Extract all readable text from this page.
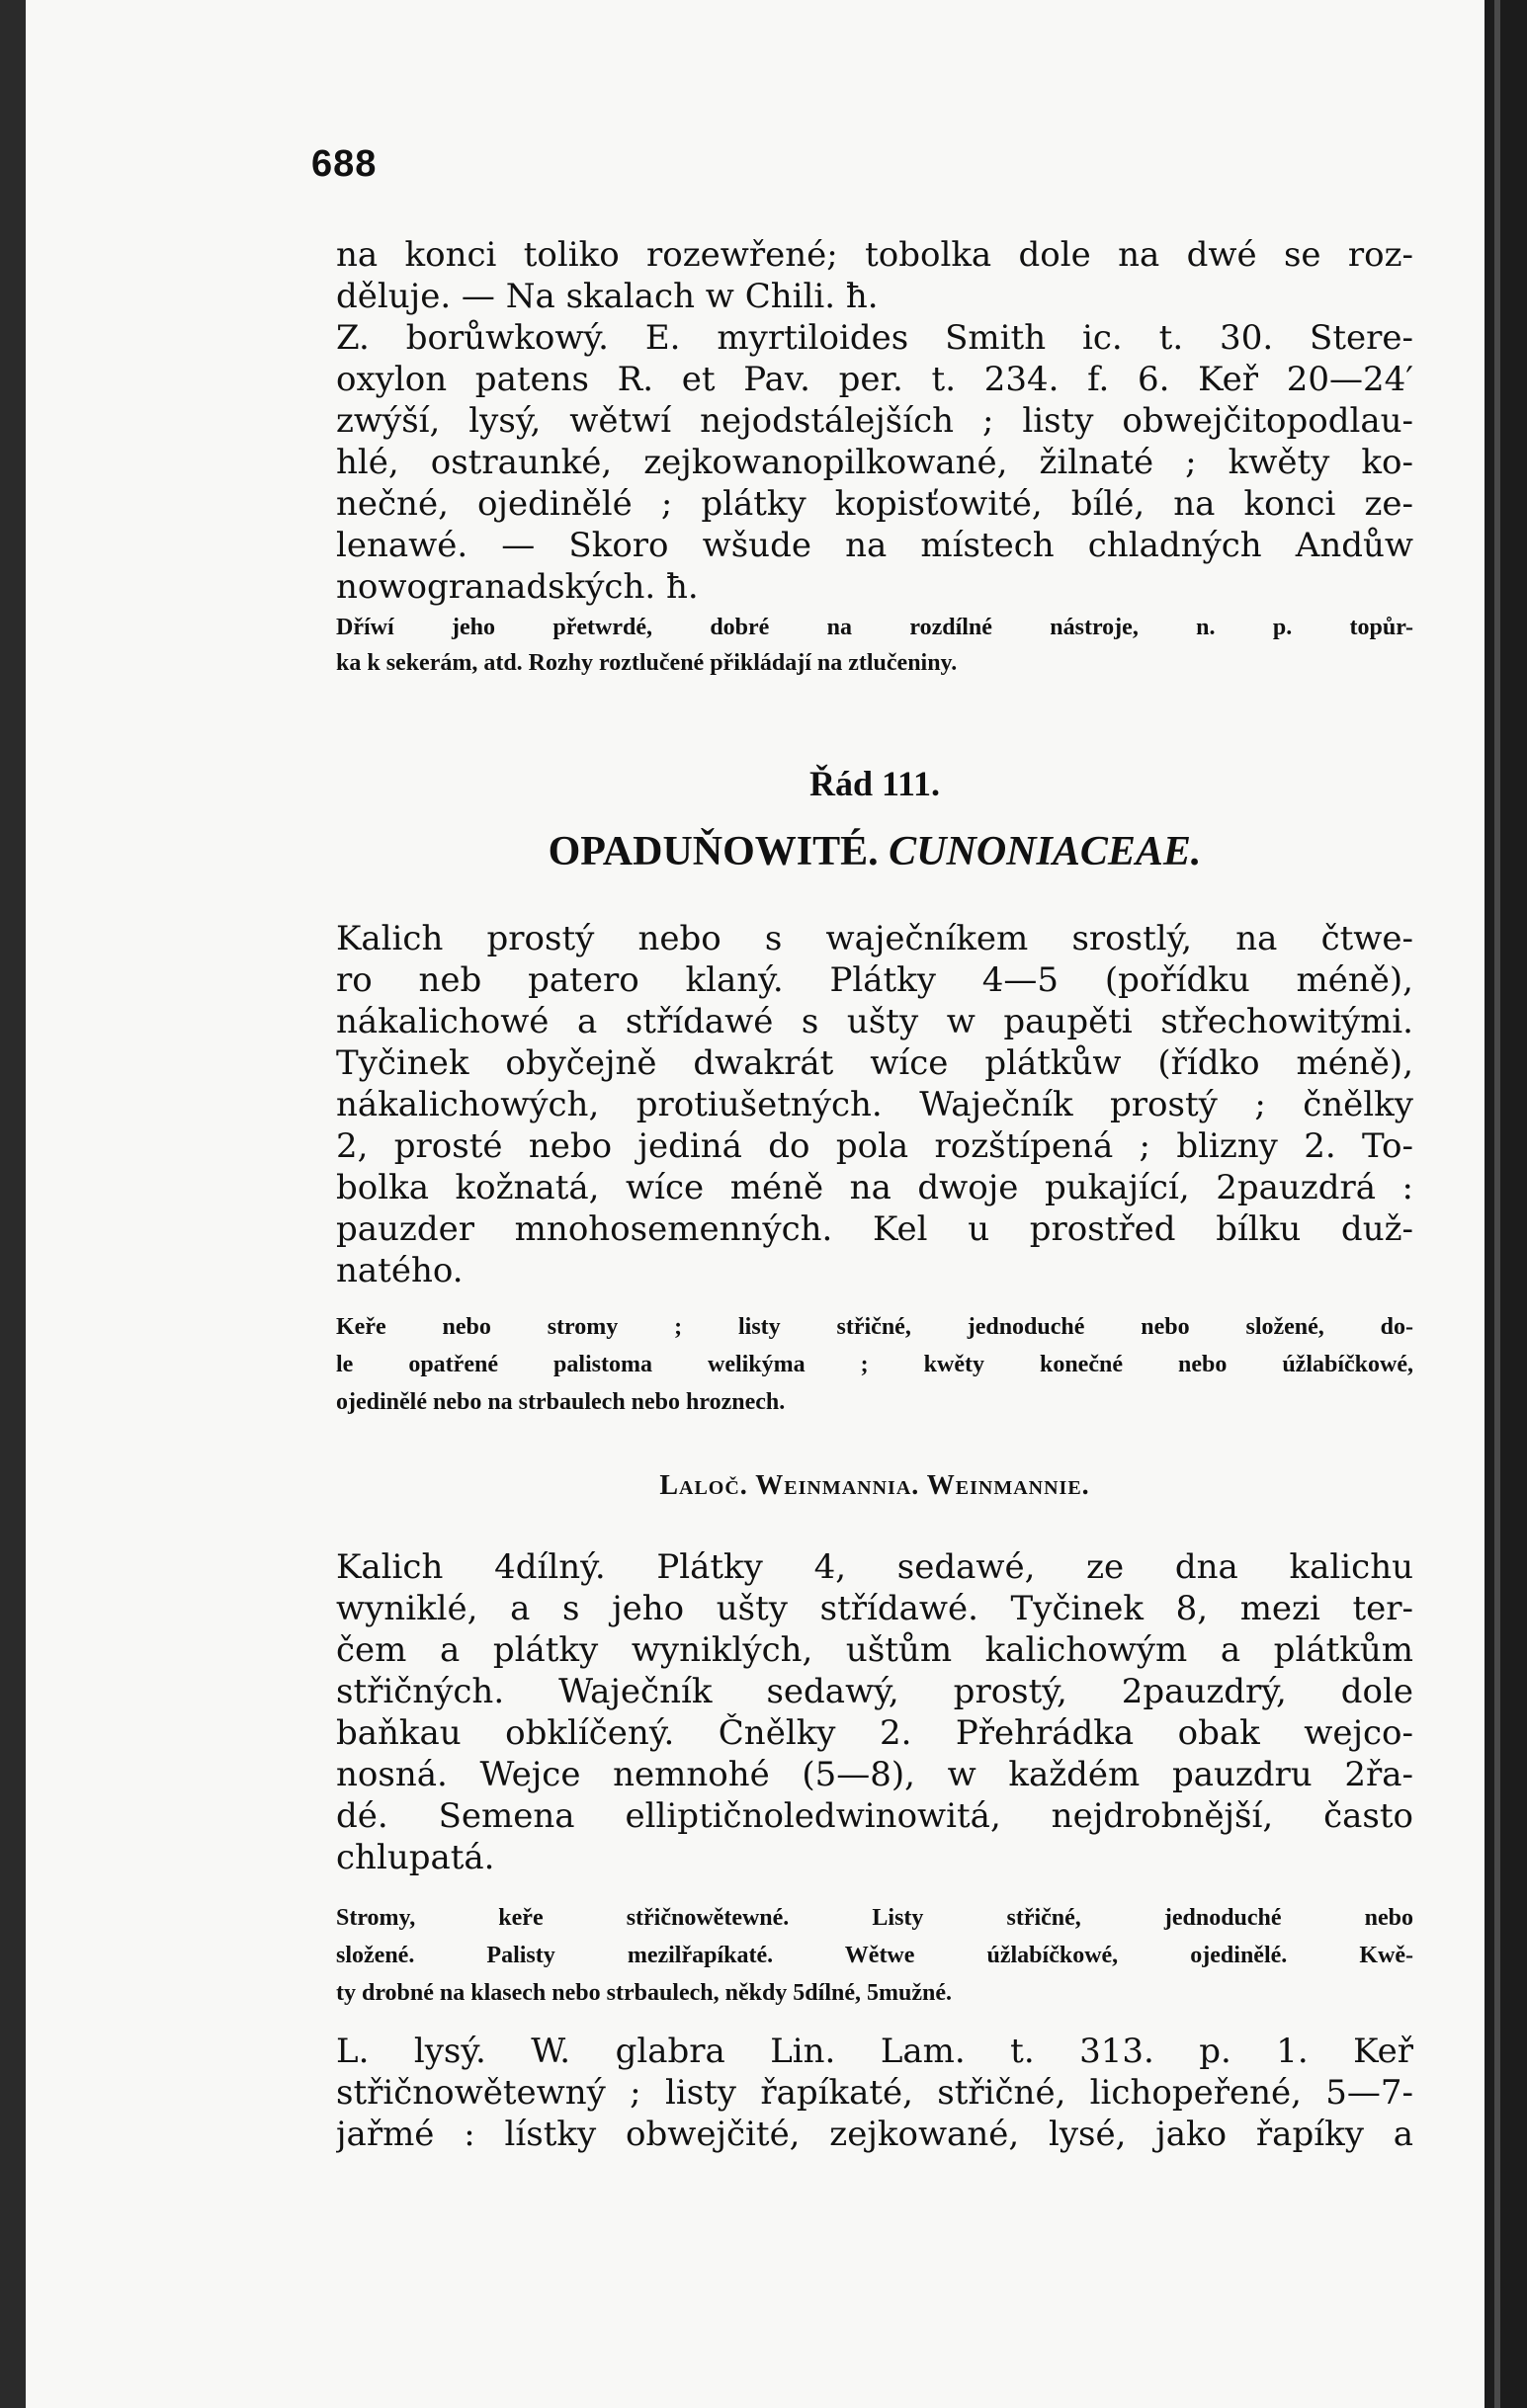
688
na konci toliko rozewřené; tobolka dole na dwé se roz-
děluje. — Na skalach w Chili. ħ.
Z. borůwkowý. E. myrtiloides Smith ic. t. 30. Stere-
oxylon patens R. et Pav. per. t. 234. f. 6. Keř 20—24′
zwýší, lysý, wětwí nejodstálejších ; listy obwejčitopodlau-
hlé, ostraunké, zejkowanopilkowané, žilnaté ; kwěty ko-
nečné, ojedinělé ; plátky kopisťowité, bílé, na konci ze-
lenawé. — Skoro wšude na místech chladných Andůw
nowogranadských. ħ.
Dříwí jeho přetwrdé, dobré na rozdílné nástroje, n. p. topůr-
ka k sekerám, atd. Rozhy roztlučené přikládají na ztlučeniny.
Řád 111.
OPADUŇOWITÉ. CUNONIACEAE.
Kalich prostý nebo s waječníkem srostlý, na čtwe-
ro neb patero klaný. Plátky 4—5 (pořídku méně),
nákalichowé a střídawé s ušty w paupěti střechowitými.
Tyčinek obyčejně dwakrát wíce plátkůw (řídko méně),
nákalichowých, protiušetných. Waječník prostý ; čnělky
2, prosté nebo jediná do pola rozštípená ; blizny 2. To-
bolka kožnatá, wíce méně na dwoje pukající, 2pauzdrá :
pauzder mnohosemenných. Kel u prostřed bílku duž-
natého.
Keře nebo stromy ; listy střičné, jednoduché nebo složené, do-
le opatřené palistoma welikýma ; kwěty konečné nebo úžlabíčkowé,
ojedinělé nebo na strbaulech nebo hroznech.
Laloč. Weinmannia. Weinmannie.
Kalich 4dílný. Plátky 4, sedawé, ze dna kalichu
wyniklé, a s jeho ušty střídawé. Tyčinek 8, mezi ter-
čem a plátky wyniklých, uštům kalichowým a plátkům
střičných. Waječník sedawý, prostý, 2pauzdrý, dole
baňkau obklíčený. Čnělky 2. Přehrádka obak wejco-
nosná. Wejce nemnohé (5—8), w každém pauzdru 2řa-
dé. Semena elliptičnoledwinowitá, nejdrobnější, často
chlupatá.
Stromy, keře střičnowětewné. Listy střičné, jednoduché nebo
složené. Palisty mezilřapíkaté. Wětwe úžlabíčkowé, ojedinělé. Kwě-
ty drobné na klasech nebo strbaulech, někdy 5dílné, 5mužné.
L. lysý. W. glabra Lin. Lam. t. 313. p. 1. Keř
střičnowětewný ; listy řapíkaté, střičné, lichopeřené, 5—7-
jařmé : lístky obwejčité, zejkowané, lysé, jako řapíky a
